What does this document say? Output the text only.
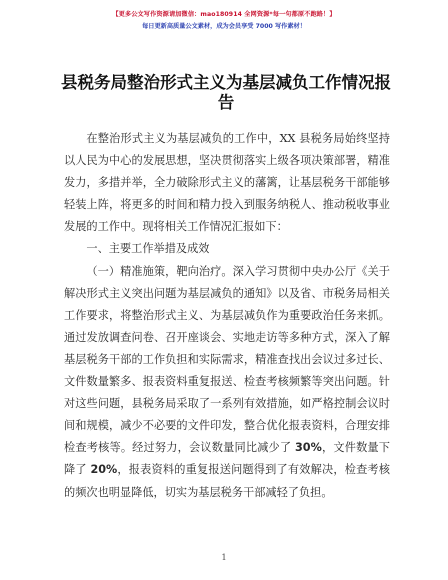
【更多公文写作资源请加微信：mao180914 全网资源*每一句都原不跑路！】
每日更新高质量公文素材，成为会员享受 7000 写作素材！
县税务局整治形式主义为基层减负工作情况报告

在整治形式主义为基层减负的工作中，XX 县税务局始终坚持以人民为中心的发展思想，坚决贯彻落实上级各项决策部署，精准发力，多措并举，全力破除形式主义的藩篱，让基层税务干部能够轻装上阵，将更多的时间和精力投入到服务纳税人、推动税收事业发展的工作中。现将相关工作情况汇报如下：

一、主要工作举措及成效

（一）精准施策，靶向治疗。深入学习贯彻中央办公厅《关于解决形式主义突出问题为基层减负的通知》以及省、市税务局相关工作要求，将整治形式主义、为基层减负作为重要政治任务来抓。通过发放调查问卷、召开座谈会、实地走访等多种方式，深入了解基层税务干部的工作负担和实际需求，精准查找出会议过多过长、文件数量繁多、报表资料重复报送、检查考核频繁等突出问题。针对这些问题，县税务局采取了一系列有效措施，如严格控制会议时间和规模，减少不必要的文件印发，整合优化报表资料，合理安排检查考核等。经过努力，会议数量同比减少了 30%，文件数量下降了 20%，报表资料的重复报送问题得到了有效解决，检查考核的频次也明显降低，切实为基层税务干部减轻了负担。

1
